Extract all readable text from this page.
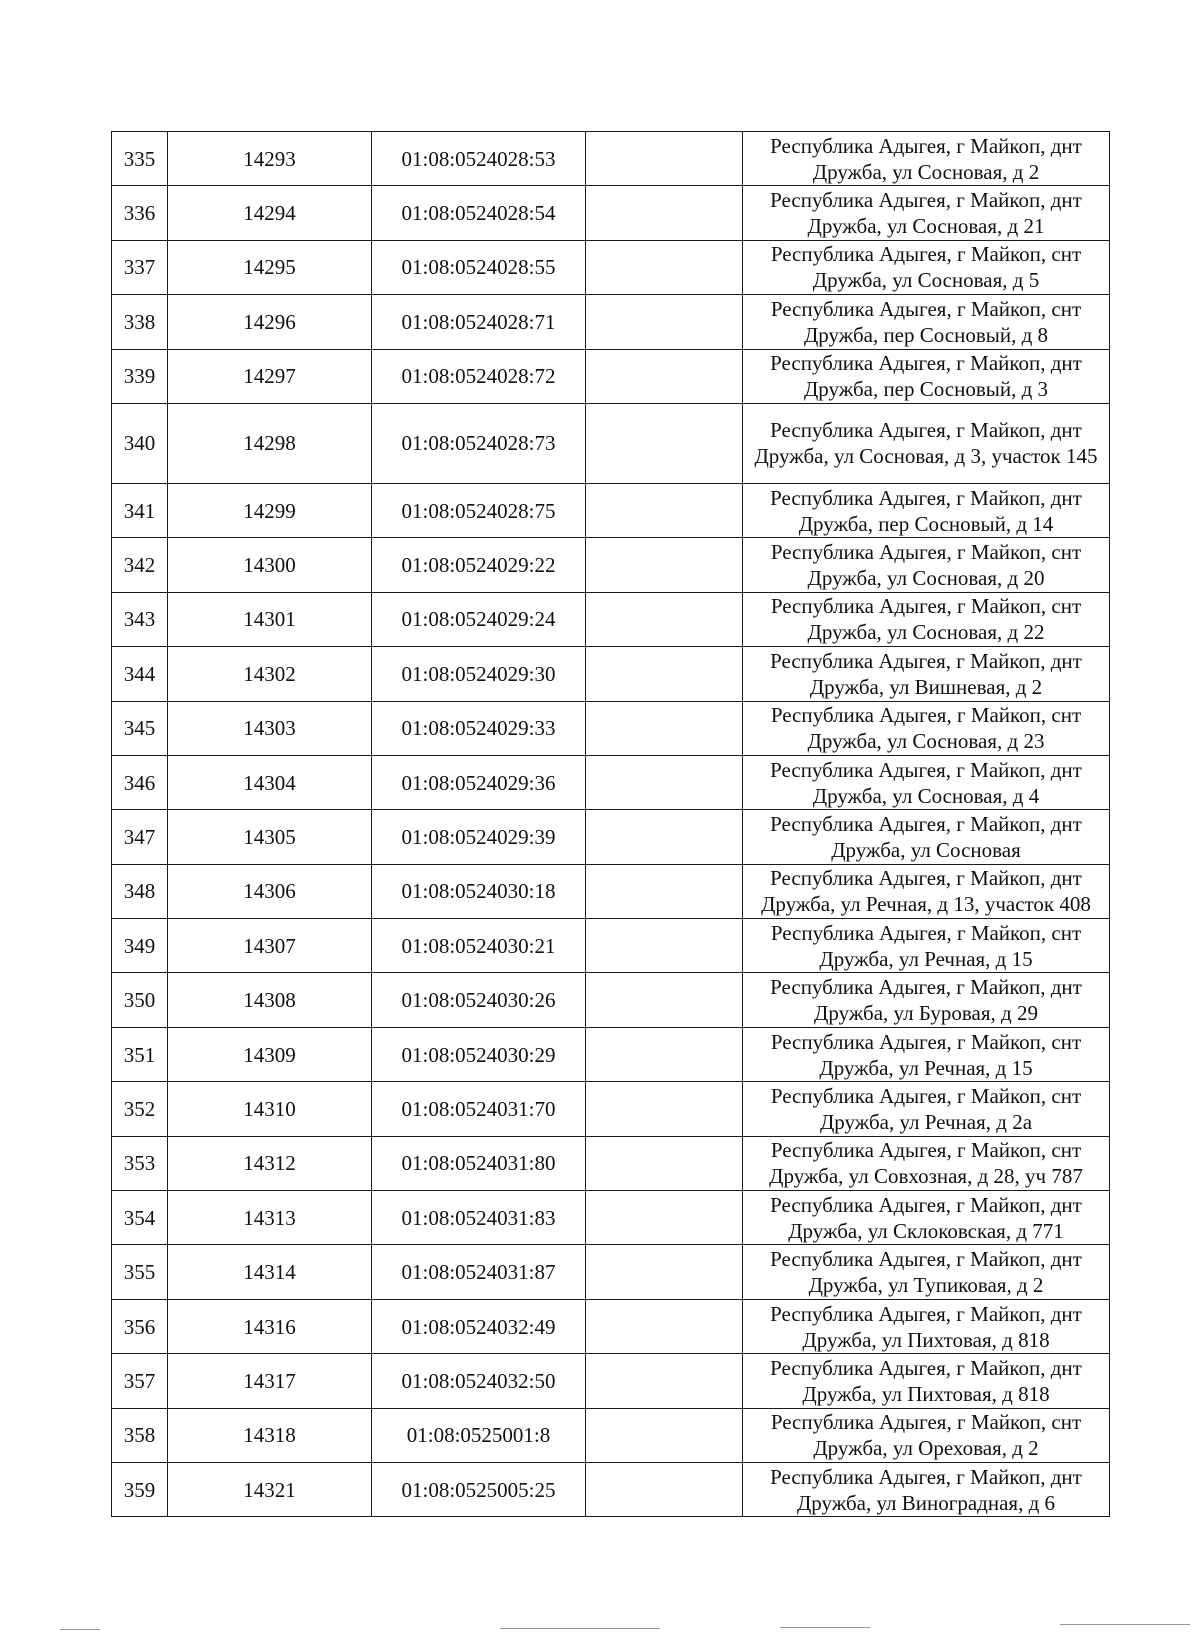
335	14293	01:08:0524028:53		Республика Адыгея, г Майкоп, днт Дружба, ул Сосновая, д 2
336	14294	01:08:0524028:54		Республика Адыгея, г Майкоп, днт Дружба, ул Сосновая, д 21
337	14295	01:08:0524028:55		Республика Адыгея, г Майкоп, снт Дружба, ул Сосновая, д 5
338	14296	01:08:0524028:71		Республика Адыгея, г Майкоп, снт Дружба, пер Сосновый, д 8
339	14297	01:08:0524028:72		Республика Адыгея, г Майкоп, днт Дружба, пер Сосновый, д 3
340	14298	01:08:0524028:73		Республика Адыгея, г Майкоп, днт Дружба, ул Сосновая, д 3, участок 145
341	14299	01:08:0524028:75		Республика Адыгея, г Майкоп, днт Дружба, пер Сосновый, д 14
342	14300	01:08:0524029:22		Республика Адыгея, г Майкоп, снт Дружба, ул Сосновая, д 20
343	14301	01:08:0524029:24		Республика Адыгея, г Майкоп, снт Дружба, ул Сосновая, д 22
344	14302	01:08:0524029:30		Республика Адыгея, г Майкоп, днт Дружба, ул Вишневая, д 2
345	14303	01:08:0524029:33		Республика Адыгея, г Майкоп, снт Дружба, ул Сосновая, д 23
346	14304	01:08:0524029:36		Республика Адыгея, г Майкоп, днт Дружба, ул Сосновая, д 4
347	14305	01:08:0524029:39		Республика Адыгея, г Майкоп, днт Дружба, ул Сосновая
348	14306	01:08:0524030:18		Республика Адыгея, г Майкоп, днт Дружба, ул Речная, д 13, участок 408
349	14307	01:08:0524030:21		Республика Адыгея, г Майкоп, снт Дружба, ул Речная, д 15
350	14308	01:08:0524030:26		Республика Адыгея, г Майкоп, днт Дружба, ул Буровая, д 29
351	14309	01:08:0524030:29		Республика Адыгея, г Майкоп, снт Дружба, ул Речная, д 15
352	14310	01:08:0524031:70		Республика Адыгея, г Майкоп, снт Дружба, ул Речная, д 2а
353	14312	01:08:0524031:80		Республика Адыгея, г Майкоп, снт Дружба, ул Совхозная, д 28, уч 787
354	14313	01:08:0524031:83		Республика Адыгея, г Майкоп, днт Дружба, ул Склоковская, д 771
355	14314	01:08:0524031:87		Республика Адыгея, г Майкоп, днт Дружба, ул Тупиковая, д 2
356	14316	01:08:0524032:49		Республика Адыгея, г Майкоп, днт Дружба, ул Пихтовая, д 818
357	14317	01:08:0524032:50		Республика Адыгея, г Майкоп, днт Дружба, ул Пихтовая, д 818
358	14318	01:08:0525001:8		Республика Адыгея, г Майкоп, снт Дружба, ул Ореховая, д 2
359	14321	01:08:0525005:25		Республика Адыгея, г Майкоп, днт Дружба, ул Виноградная, д 6
